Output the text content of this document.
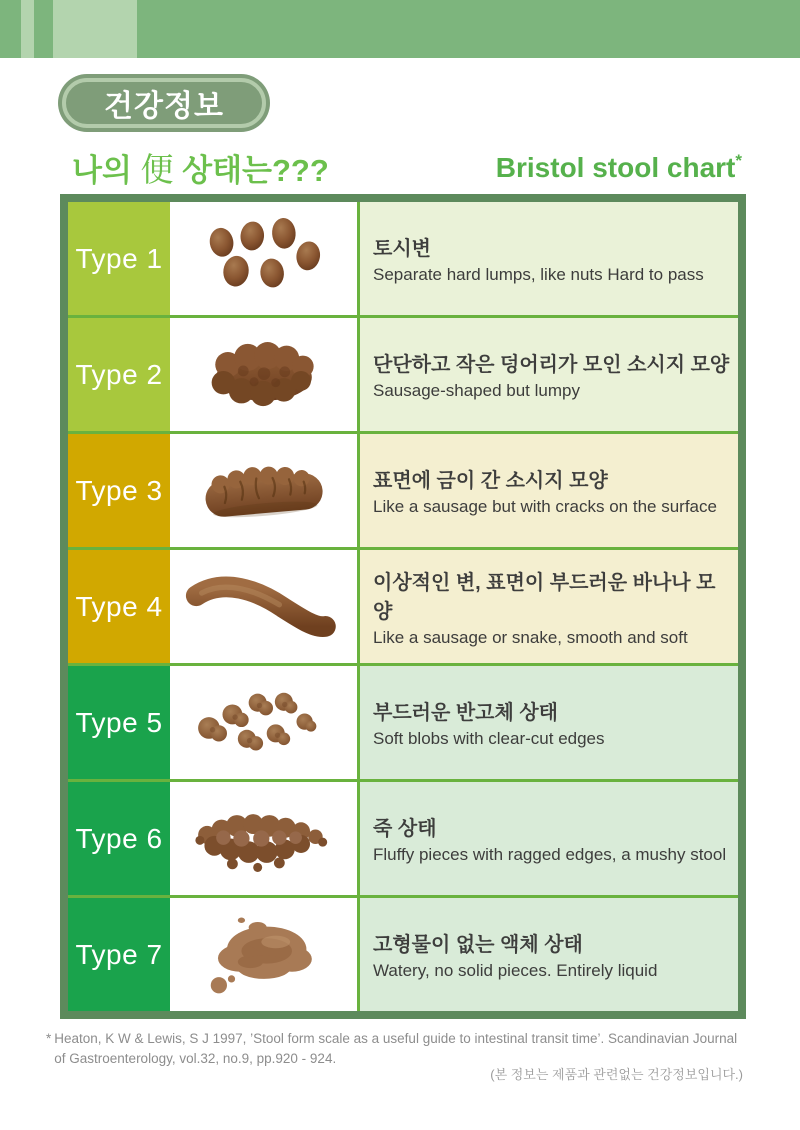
건강정보
나의 便 상태는???	Bristol stool chart*
Type 1	토시변
Separate hard lumps, like nuts Hard to pass
Type 2	단단하고 작은 덩어리가 모인 소시지 모양
Sausage-shaped but lumpy
Type 3	표면에 금이 간 소시지 모양
Like a sausage but with cracks on the surface
Type 4
이상적인 변, 표면이 부드러운 바나나 모양
Like a sausage or snake, smooth and soft
Type 5	부드러운 반고체 상태
Soft blobs with clear-cut edges
Type 6	죽 상태
Fluffy pieces with ragged edges, a mushy stool
Type 7	고형물이 없는 액체 상태
Watery, no solid pieces. Entirely liquid
* Heaton, K W & Lewis, S J 1997, ’Stool form scale as a useful guide to intestinal transit time’. Scandinavian Journal of Gastroenterology, vol.32, no.9, pp.920 - 924.
(본 정보는 제품과 관련없는 건강정보입니다.)
